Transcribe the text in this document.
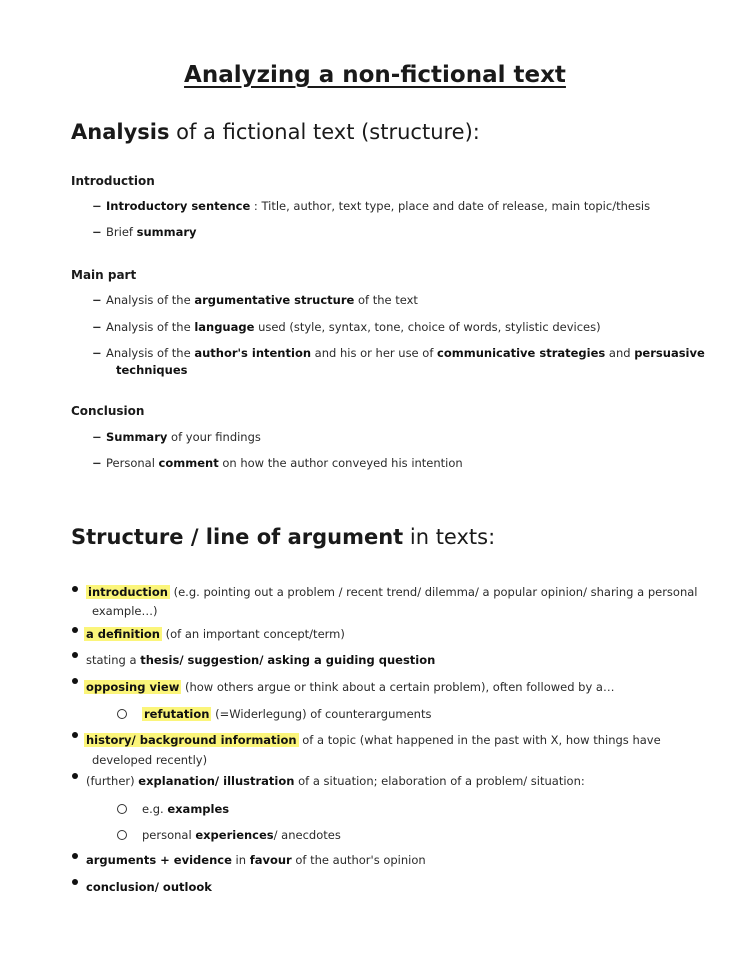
Analyzing a non-fictional text
Analysis of a fictional text (structure):
Introduction
− Introductory sentence : Title, author, text type, place and date of release, main topic/thesis
− Brief summary
Main part
− Analysis of the argumentative structure of the text
− Analysis of the language used (style, syntax, tone, choice of words, stylistic devices)
− Analysis of the author's intention and his or her use of communicative strategies and persuasive
techniques
Conclusion
− Summary of your findings
− Personal comment on how the author conveyed his intention
Structure / line of argument in texts:
introduction (e.g. pointing out a problem / recent trend/ dilemma/ a popular opinion/ sharing a personal
example…)
a definition (of an important concept/term)
stating a thesis/ suggestion/ asking a guiding question
opposing view (how others argue or think about a certain problem), often followed by a…
refutation (=Widerlegung) of counterarguments
history/ background information of a topic (what happened in the past with X, how things have
developed recently)
(further) explanation/ illustration of a situation; elaboration of a problem/ situation:
e.g. examples
personal experiences/ anecdotes
arguments + evidence in favour of the author's opinion
conclusion/ outlook
